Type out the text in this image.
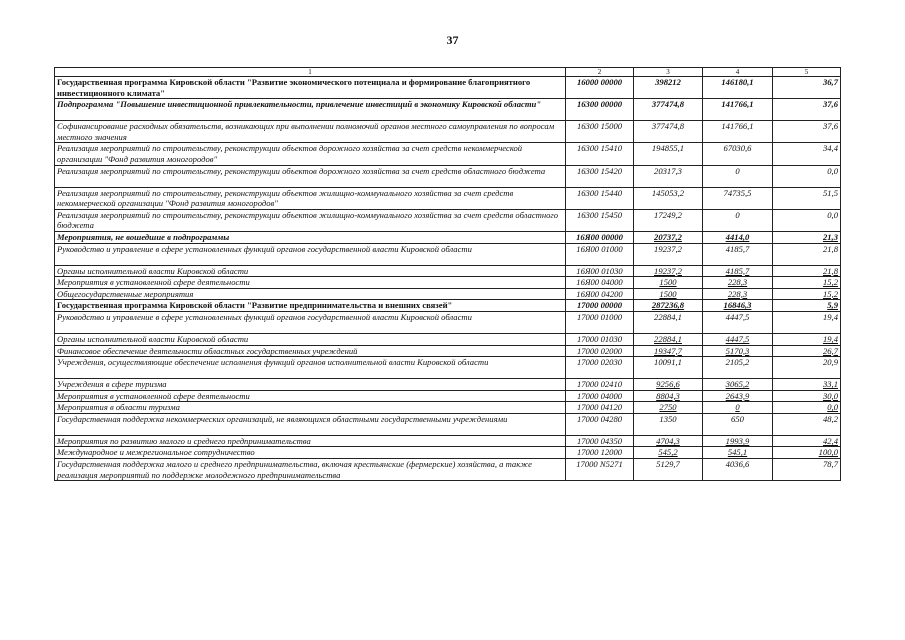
37
1	2	3	4	5
Государственная программа Кировской области "Развитие экономического потенциала и формирование благоприятного инвестиционного климата"	16000 00000	398212	146180,1	36,7
Подпрограмма "Повышение инвестиционной привлекательности, привлечение инвестиций в экономику Кировской области"	16300 00000	377474,8	141766,1	37,6
Софинансирование расходных обязательств, возникающих при выполнении полномочий органов местного самоуправления по вопросам местного значения	16300 15000	377474,8	141766,1	37,6
Реализация мероприятий по строительству, реконструкции объектов дорожного хозяйства за счет средств некоммерческой организации "Фонд развития моногородов"	16300 15410	194855,1	67030,6	34,4
Реализация мероприятий по строительству, реконструкции объектов дорожного хозяйства за счет средств областного бюджета	16300 15420	20317,3	0	0,0
Реализация мероприятий по строительству, реконструкции объектов жилищно-коммунального хозяйства за счет средств некоммерческой организации "Фонд развития моногородов"	16300 15440	145053,2	74735,5	51,5
Реализация мероприятий по строительству, реконструкции объектов жилищно-коммунального хозяйства за счет средств областного бюджета	16300 15450	17249,2	0	0,0
Мероприятия, не вошедшие в подпрограммы	16Я00 00000	20737,2	4414,0	21,3
Руководство и управление в сфере установленных функций органов государственной власти Кировской области	16Я00 01000	19237,2	4185,7	21,8
Органы исполнительной власти Кировской области	16Я00 01030	19237,2	4185,7	21,8
Мероприятия в установленной сфере деятельности	16Я00 04000	1500	228,3	15,2
Общегосударственные мероприятия	16Я00 04200	1500	228,3	15,2
Государственная программа Кировской области "Развитие предпринимательства и внешних связей"	17000 00000	287236,8	16846,3	5,9
Руководство и управление в сфере установленных функций органов государственной власти Кировской области	17000 01000	22884,1	4447,5	19,4
Органы исполнительной власти Кировской области	17000 01030	22884,1	4447,5	19,4
Финансовое обеспечение деятельности областных государственных учреждений	17000 02000	19347,7	5170,3	26,7
Учреждения, осуществляющие обеспечение исполнения функций органов исполнительной власти Кировской области	17000 02030	10091,1	2105,2	20,9
Учреждения в сфере туризма	17000 02410	9256,6	3065,2	33,1
Мероприятия в установленной сфере деятельности	17000 04000	8804,3	2643,9	30,0
Мероприятия в области туризма	17000 04120	2750	0	0,0
Государственная поддержка некоммерческих организаций, не являющихся областными государственными учреждениями	17000 04280	1350	650	48,2
Мероприятия по развитию малого и среднего предпринимательства	17000 04350	4704,3	1993,9	42,4
Международное и межрегиональное сотрудничество	17000 12000	545,2	545,1	100,0
Государственная поддержка малого и среднего предпринимательства, включая крестьянские (фермерские) хозяйства, а также реализация мероприятий по поддержке молодежного предпринимательства	17000 N5271	5129,7	4036,6	78,7
